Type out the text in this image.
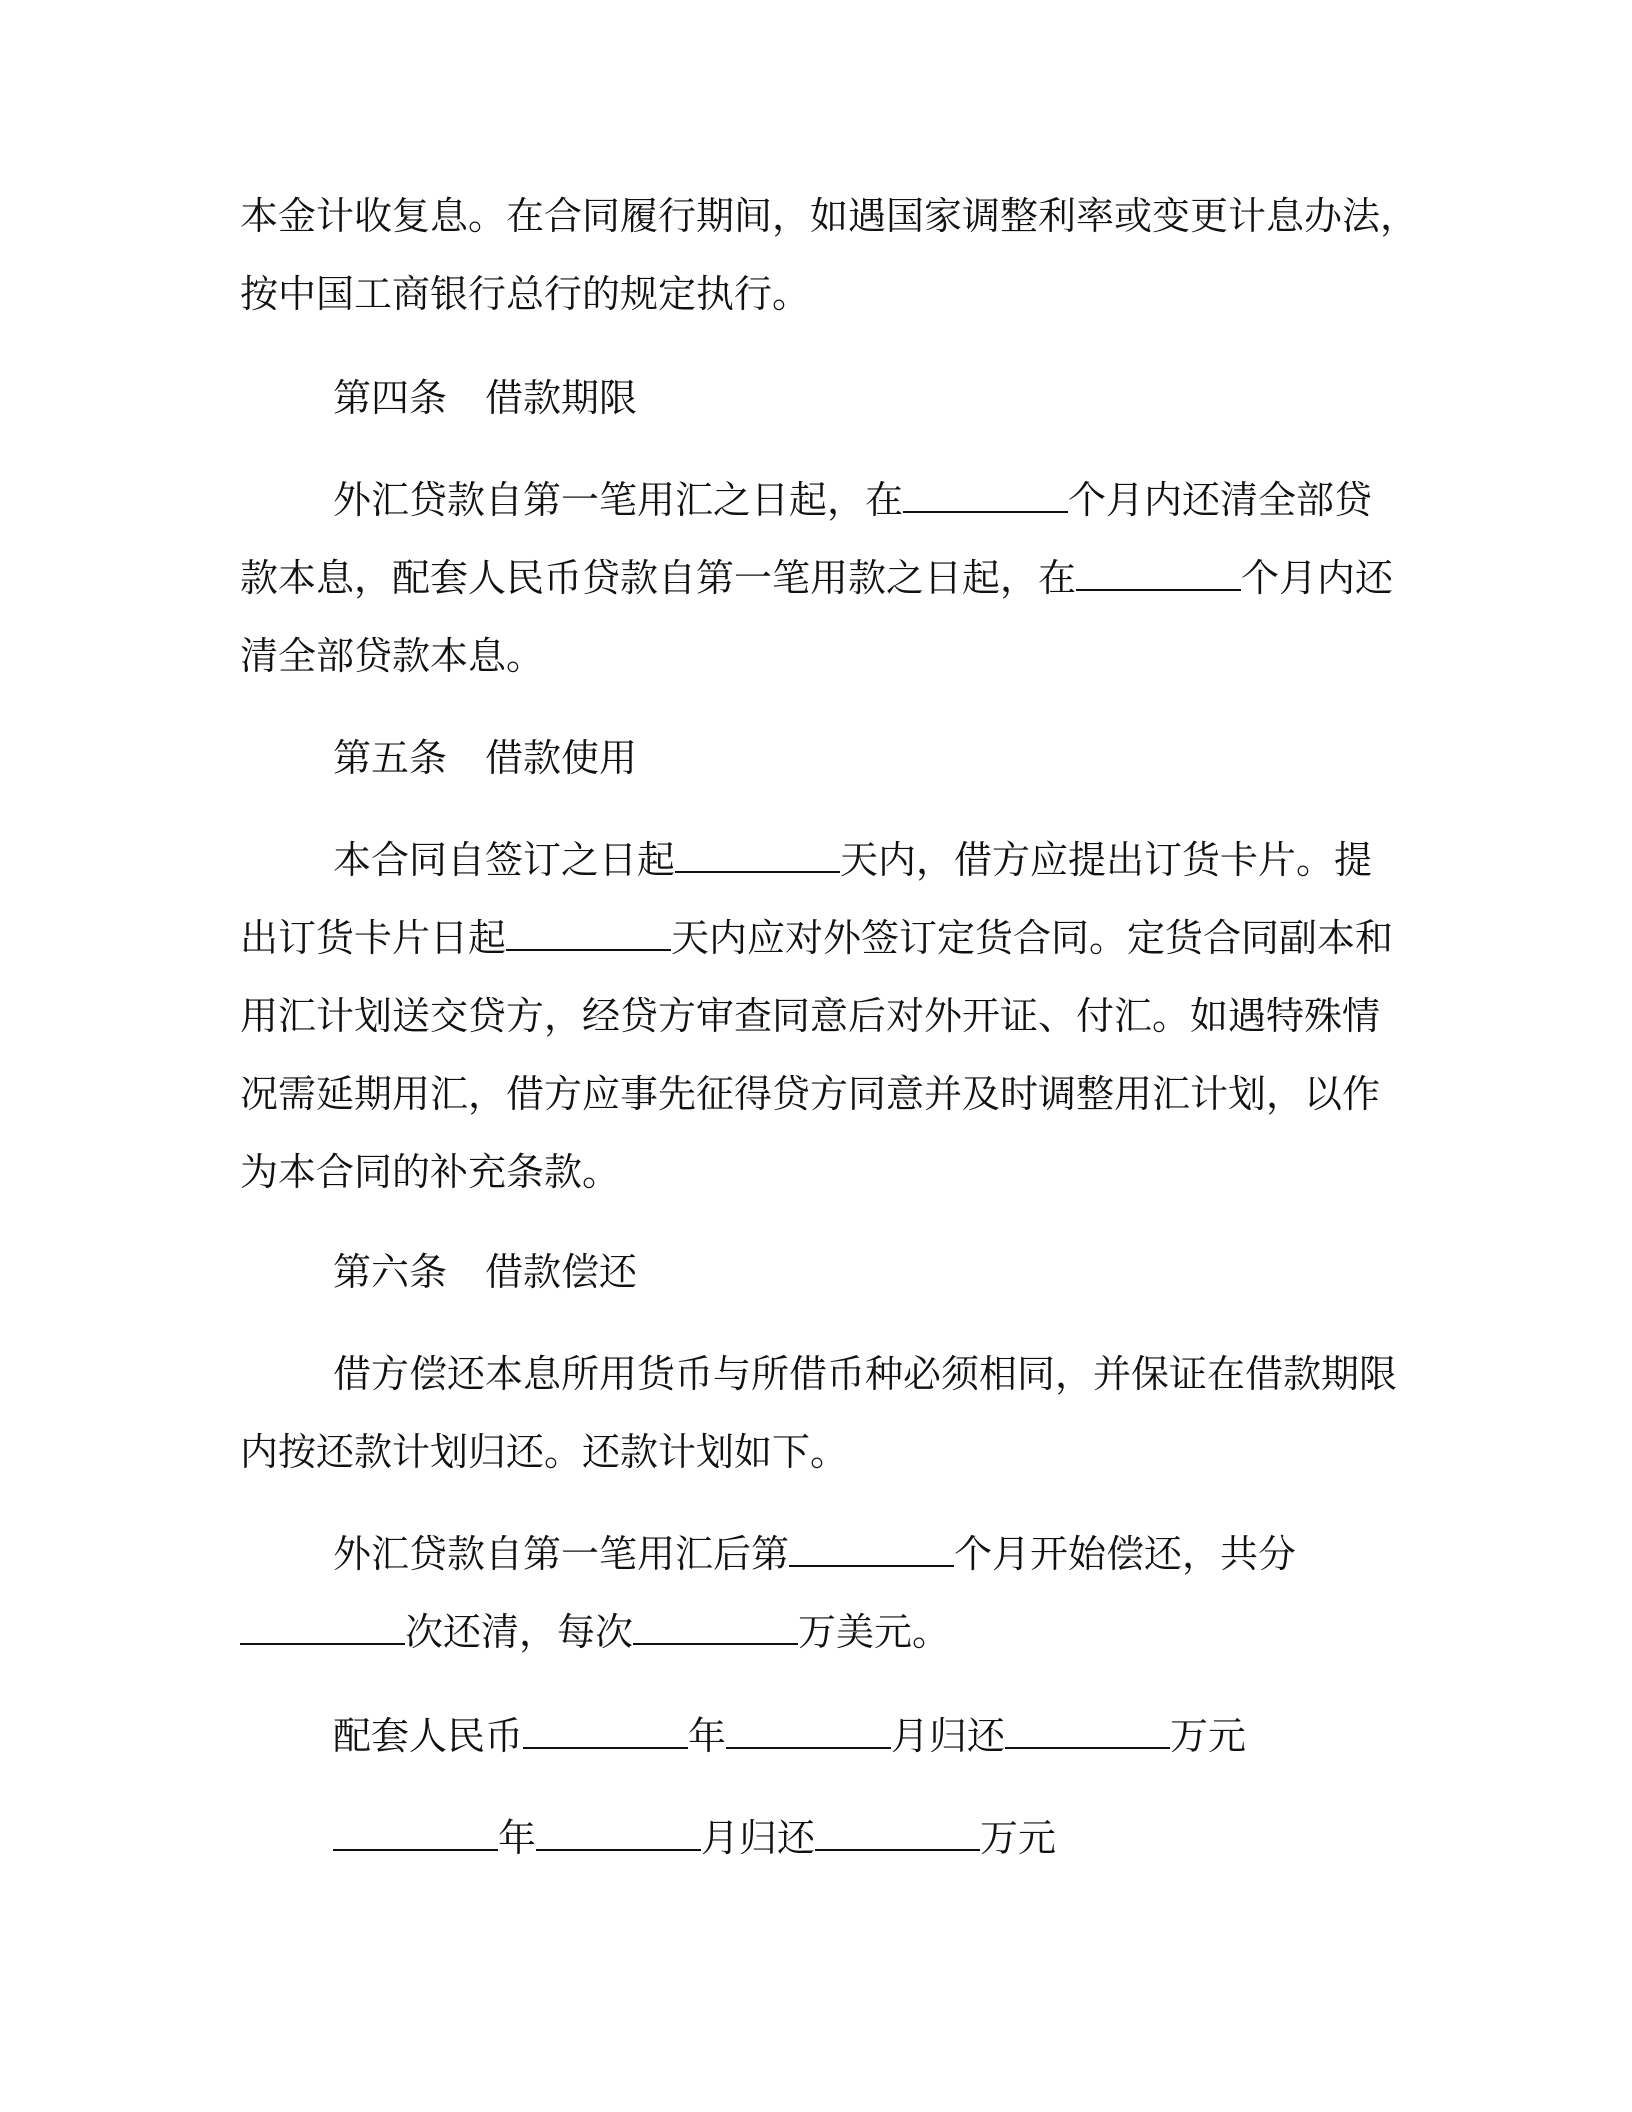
本金计收复息。在合同履行期间，如遇国家调整利率或变更计息办法，
按中国工商银行总行的规定执行。
第四条　借款期限
外汇贷款自第一笔用汇之日起，在	个月内还清全部贷
款本息，配套人民币贷款自第一笔用款之日起，在	个月内还
清全部贷款本息。
第五条　借款使用
本合同自签订之日起	天内，借方应提出订货卡片。提
出订货卡片日起	天内应对外签订定货合同。定货合同副本和
用汇计划送交贷方，经贷方审查同意后对外开证、付汇。如遇特殊情
况需延期用汇，借方应事先征得贷方同意并及时调整用汇计划，以作
为本合同的补充条款。
第六条　借款偿还
借方偿还本息所用货币与所借币种必须相同，并保证在借款期限
内按还款计划归还。还款计划如下。
外汇贷款自第一笔用汇后第	个月开始偿还，共分
次还清，每次	万美元。
配套人民币	年	月归还	万元
年	月归还	万元
